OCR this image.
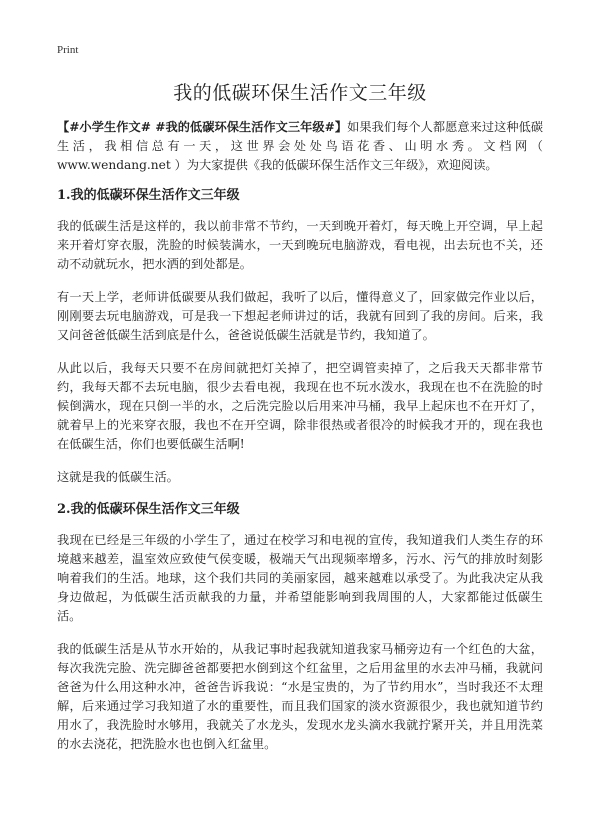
Print
我的低碳环保生活作文三年级

【#小学生作文# #我的低碳环保生活作文三年级#】如果我们每个人都愿意来过这种低碳生活，我相信总有一天，这世界会处处鸟语花香、山明水秀。文档网（ www.wendang.net ）为大家提供《我的低碳环保生活作文三年级》，欢迎阅读。

1.我的低碳环保生活作文三年级

我的低碳生活是这样的，我以前非常不节约，一天到晚开着灯，每天晚上开空调，早上起来开着灯穿衣服，洗脸的时候装满水，一天到晚玩电脑游戏，看电视，出去玩也不关，还动不动就玩水，把水洒的到处都是。

有一天上学，老师讲低碳要从我们做起，我听了以后，懂得意义了，回家做完作业以后，刚刚要去玩电脑游戏，可是我一下想起老师讲过的话，我就有回到了我的房间。后来，我又问爸爸低碳生活到底是什么，爸爸说低碳生活就是节约，我知道了。

从此以后，我每天只要不在房间就把灯关掉了，把空调管卖掉了，之后我天天都非常节约，我每天都不去玩电脑，很少去看电视，我现在也不玩水泼水，我现在也不在洗脸的时候倒满水，现在只倒一半的水，之后洗完脸以后用来冲马桶，我早上起床也不在开灯了，就着早上的光来穿衣服，我也不在开空调，除非很热或者很冷的时候我才开的，现在我也在低碳生活，你们也要低碳生活啊!

这就是我的低碳生活。

2.我的低碳环保生活作文三年级

我现在已经是三年级的小学生了，通过在校学习和电视的宣传，我知道我们人类生存的环境越来越差，温室效应致使气侯变暖，极端天气出现频率增多，污水、污气的排放时刻影响着我们的生活。地球，这个我们共同的美丽家园，越来越难以承受了。为此我决定从我身边做起，为低碳生活贡献我的力量，并希望能影响到我周围的人，大家都能过低碳生活。

我的低碳生活是从节水开始的，从我记事时起我就知道我家马桶旁边有一个红色的大盆，每次我洗完脸、洗完脚爸爸都要把水倒到这个红盆里，之后用盆里的水去冲马桶，我就问爸爸为什么用这种水冲，爸爸告诉我说：“水是宝贵的，为了节约用水”，当时我还不太理解，后来通过学习我知道了水的重要性，而且我们国家的淡水资源很少，我也就知道节约用水了，我洗脸时水够用，我就关了水龙头，发现水龙头滴水我就拧紧开关，并且用洗菜的水去浇花，把洗脸水也也倒入红盆里。
